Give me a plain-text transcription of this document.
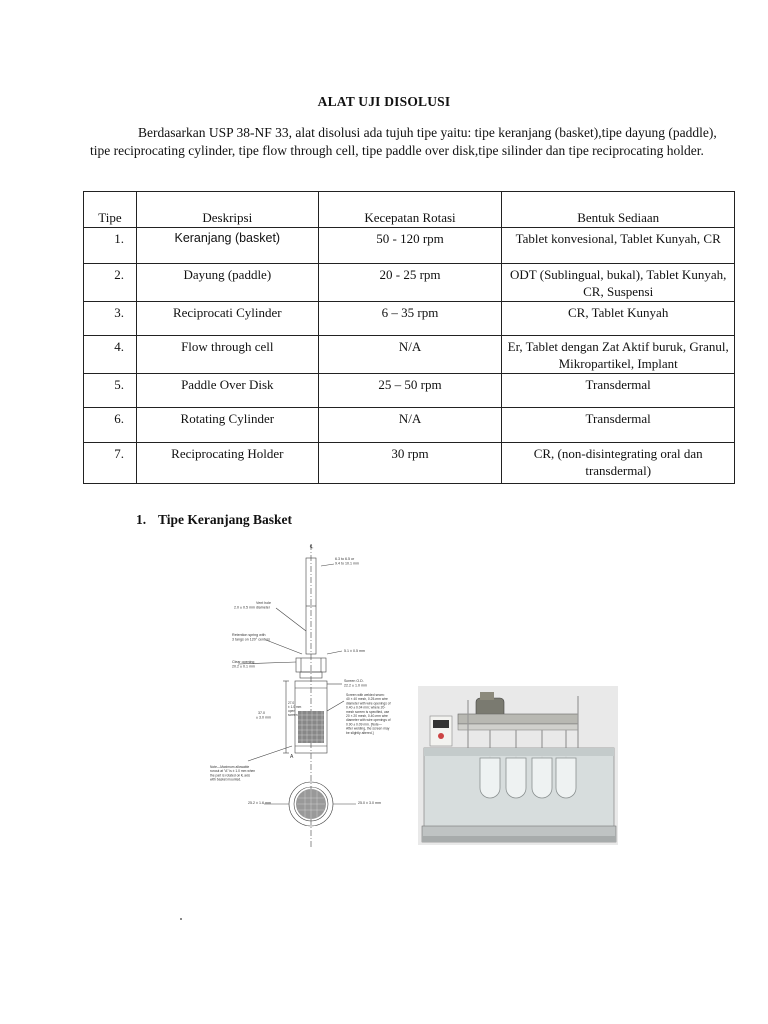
ALAT UJI DISOLUSI
Berdasarkan USP 38-NF 33, alat disolusi ada tujuh tipe yaitu: tipe keranjang (basket),tipe dayung (paddle), tipe reciprocating cylinder, tipe flow through cell, tipe paddle over disk,tipe silinder dan tipe reciprocating holder.
Tipe	Deskripsi	Kecepatan Rotasi	Bentuk Sediaan
1.	Keranjang (basket)	50 - 120 rpm	Tablet konvesional, Tablet Kunyah, CR
2.	Dayung (paddle)	20 - 25 rpm	ODT (Sublingual, bukal), Tablet Kunyah, CR, Suspensi
3.	Reciprocati Cylinder	6 – 35 rpm	CR, Tablet Kunyah
4.	Flow through cell	N/A	Er, Tablet dengan Zat Aktif buruk, Granul, Mikropartikel, Implant
5.	Paddle Over Disk	25 – 50 rpm	Transdermal
6.	Rotating Cylinder	N/A	Transdermal
7.	Reciprocating Holder	30 rpm	CR, (non-disintegrating oral dan transdermal)
1. Tipe Keranjang Basket
℄
6.3 to 6.5 or 9.4 to 10.1 mm
Vent hole 2.0 ± 0.5 mm diameter
Retention spring with 3 tangs on 120° centers
Clear opening 20.2 ± 0.1 mm
5.1 ± 0.5 mm
Screen O.D. 22.2 ± 1.0 mm
Screen with welded seam: 40 × 40 mesh, 0.25-mm wire diameter with wire openings of 0.40 ± 0.04 mm; where 20- mesh screen is specified, use 20 × 20 mesh, 0.40-mm wire diameter with wire openings of 0.90 ± 0.09 mm. [Note— After welding, the screen may be slightly altered.]
37.0 ± 3.0 mm
27.0 ± 1.0 mm open screen
A
Note—Maximum allowable runout at "A" is ± 1.0 mm when the part is rotated on ℄ axis with basket mounted.
25.2 ± 1.6 mm	25.0 ± 3.0 mm
